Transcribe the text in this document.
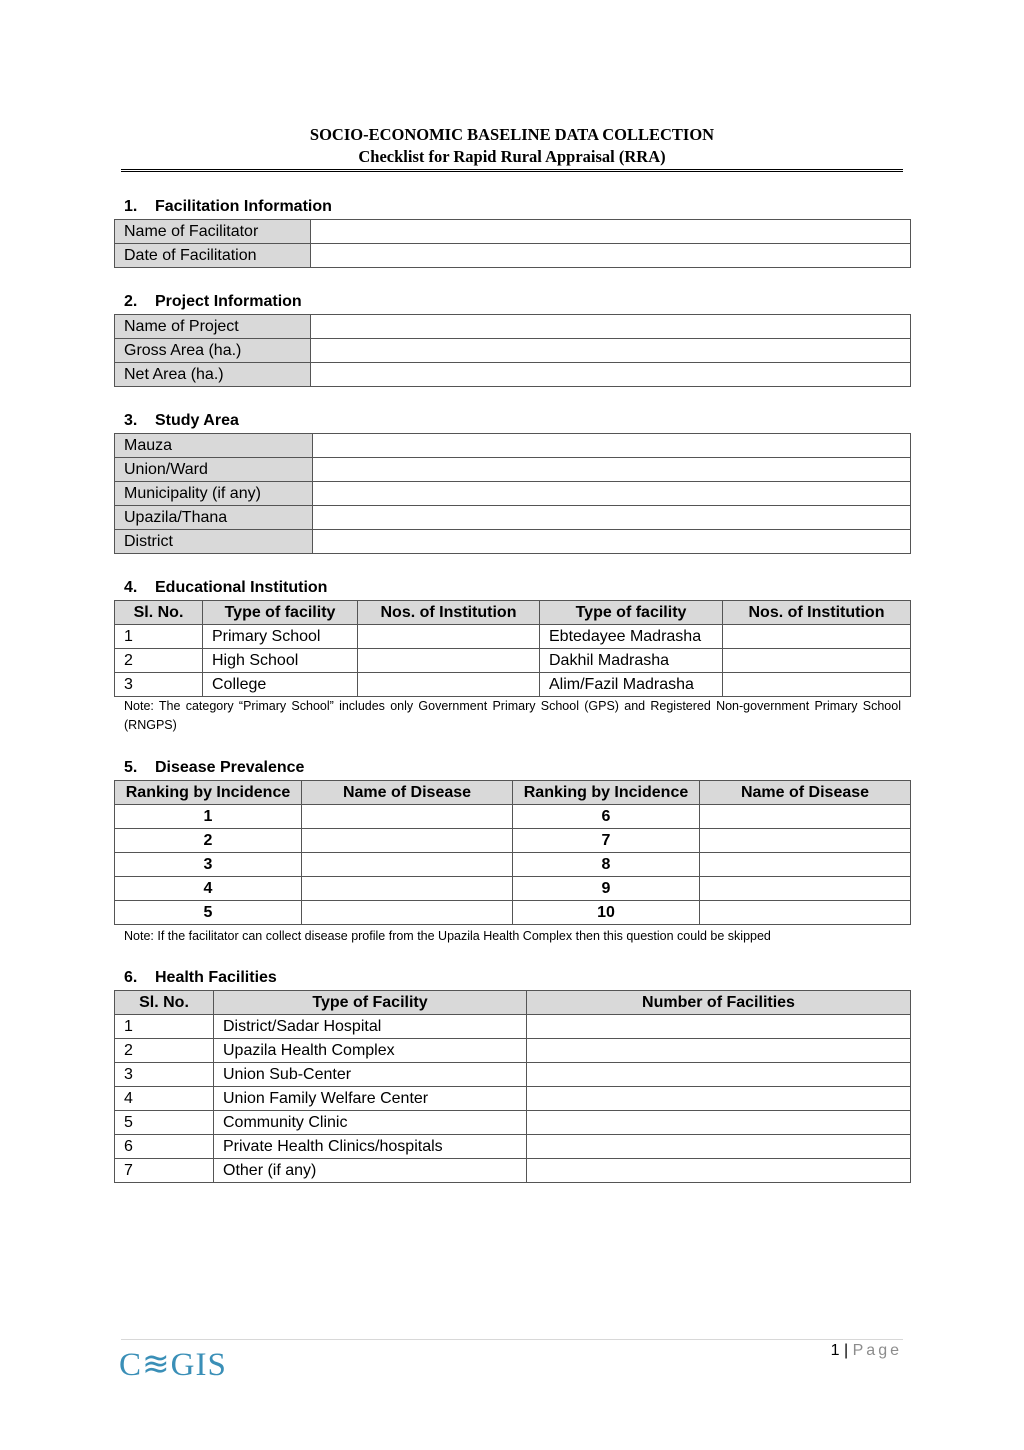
SOCIO-ECONOMIC BASELINE DATA COLLECTION
Checklist for Rapid Rural Appraisal (RRA)
1. Facilitation Information
Name of Facilitator	
Date of Facilitation	
2. Project Information
Name of Project	
Gross Area (ha.)	
Net Area (ha.)	
3. Study Area
Mauza	
Union/Ward	
Municipality (if any)	
Upazila/Thana	
District	
4. Educational Institution
Sl. No.	Type of facility	Nos. of Institution	Type of facility	Nos. of Institution
1	Primary School		Ebtedayee Madrasha	
2	High School		Dakhil Madrasha	
3	College		Alim/Fazil Madrasha	
Note: The category “Primary School” includes only Government Primary School (GPS) and Registered Non-government Primary School (RNGPS)
5. Disease Prevalence
Ranking by Incidence	Name of Disease	Ranking by Incidence	Name of Disease
1		6	
2		7	
3		8	
4		9	
5		10	
Note: If the facilitator can collect disease profile from the Upazila Health Complex then this question could be skipped
6. Health Facilities
Sl. No.	Type of Facility	Number of Facilities
1	District/Sadar Hospital	
2	Upazila Health Complex	
3	Union Sub-Center	
4	Union Family Welfare Center	
5	Community Clinic	
6	Private Health Clinics/hospitals	
7	Other (if any)	
C≋GIS	1 | Page
